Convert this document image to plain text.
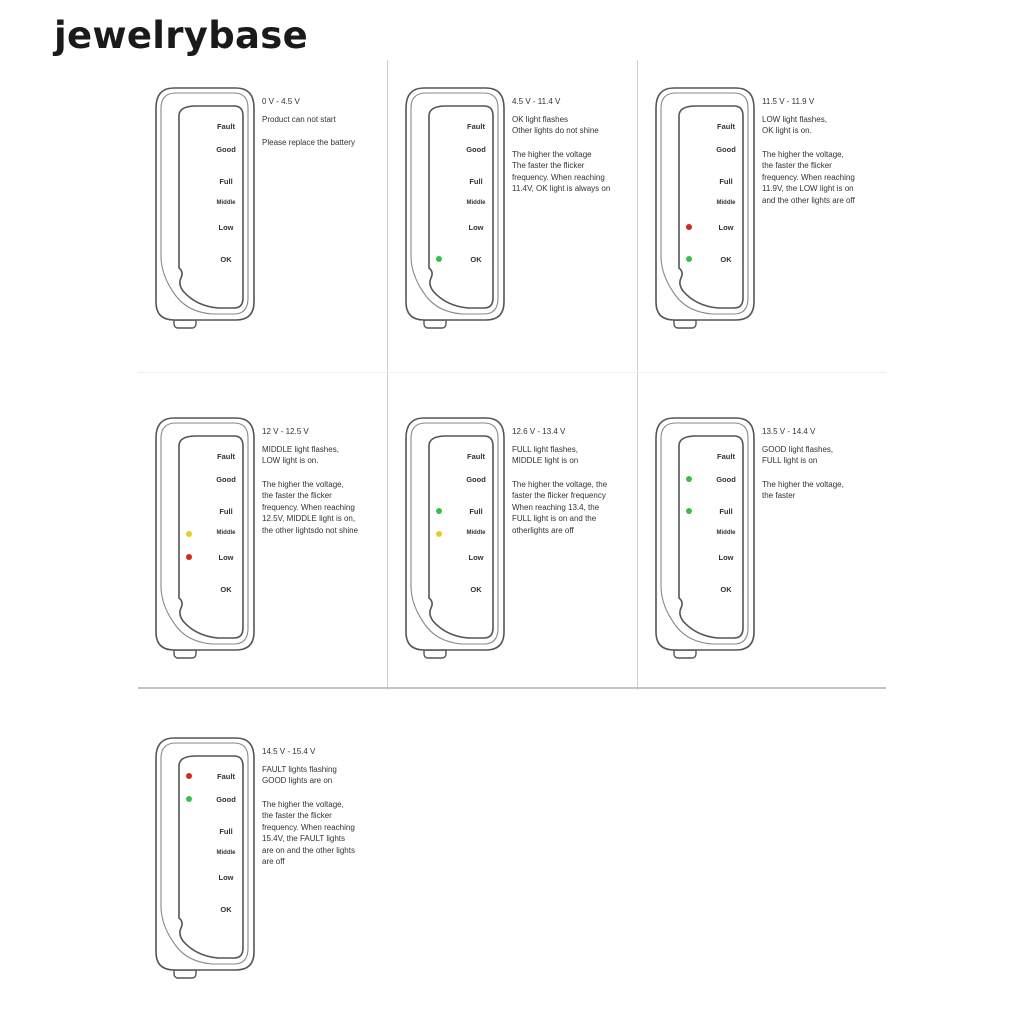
jewelrybase
Fault
Good
Full
Middle
Low
OK
0 V - 4.5 V
Product can not start
Please replace the battery
Fault
Good
Full
Middle
Low
OK
4.5 V - 11.4 V
OK light flashes
Other lights do not shine
The higher the voltage
The faster the flicker
frequency. When reaching
11.4V, OK light is always on
Fault
Good
Full
Middle
Low
OK
11.5 V - 11.9 V
LOW light flashes,
OK light is on.
The higher the voltage,
the faster the flicker
frequency. When reaching
11.9V, the LOW light is on
and the other lights are off
Fault
Good
Full
Middle
Low
OK
12 V - 12.5 V
MIDDLE light flashes,
LOW light is on.
The higher the voltage,
the faster the flicker
frequency. When reaching
12.5V, MIDDLE light is on,
the other lightsdo not shine
Fault
Good
Full
Middle
Low
OK
12.6 V - 13.4 V
FULL light flashes,
MIDDLE light is on
The higher the voltage, the
faster the flicker frequency
When reaching 13.4, the
FULL light is on and the
otherlights are off
Fault
Good
Full
Middle
Low
OK
13.5 V - 14.4 V
GOOD light flashes,
FULL light is on
The higher the voltage,
the faster
Fault
Good
Full
Middle
Low
OK
14.5 V - 15.4 V
FAULT lights flashing
GOOD lights are on
The higher the voltage,
the faster the flicker
frequency. When reaching
15.4V, the FAULT lights
are on and the other lights
are off
